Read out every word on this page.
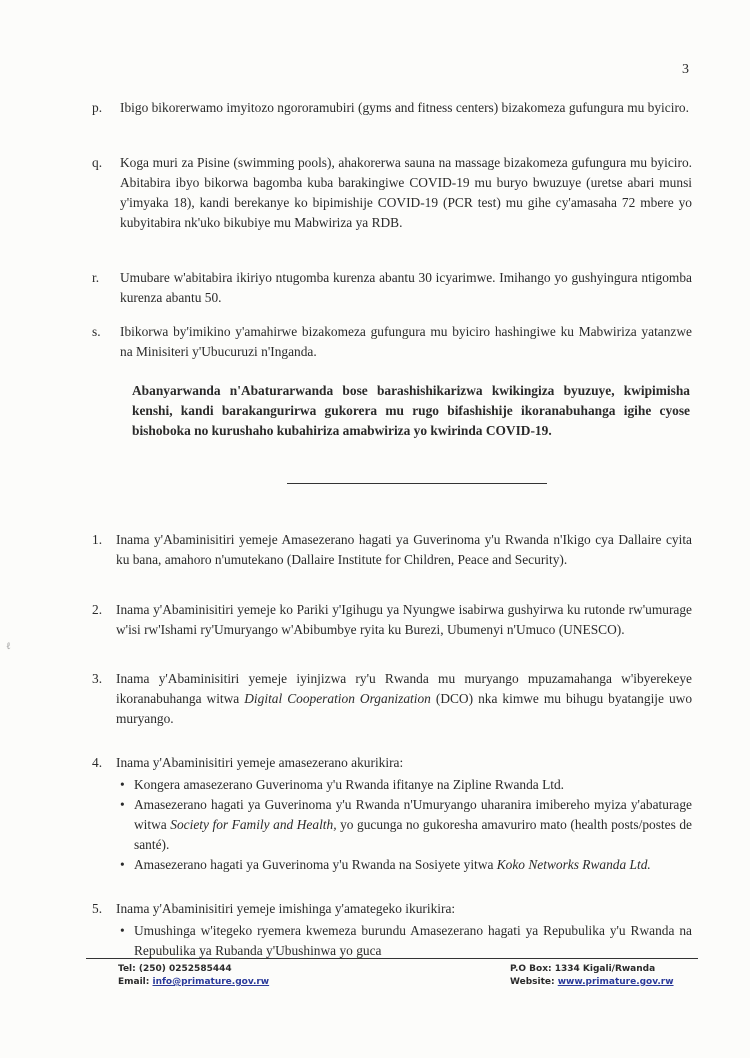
3
p. Ibigo bikorerwamo imyitozo ngororamubiri (gyms and fitness centers) bizakomeza gufungura mu byiciro.
q. Koga muri za Pisine (swimming pools), ahakorerwa sauna na massage bizakomeza gufungura mu byiciro. Abitabira ibyo bikorwa bagomba kuba barakingiwe COVID-19 mu buryo bwuzuye (uretse abari munsi y'imyaka 18), kandi berekanye ko bipimishije COVID-19 (PCR test) mu gihe cy'amasaha 72 mbere yo kubyitabira nk'uko bikubiye mu Mabwiriza ya RDB.
r. Umubare w'abitabira ikiriyo ntugomba kurenza abantu 30 icyarimwe. Imihango yo gushyingura ntigomba kurenza abantu 50.
s. Ibikorwa by'imikino y'amahirwe bizakomeza gufungura mu byiciro hashingiwe ku Mabwiriza yatanzwe na Minisiteri y'Ubucuruzi n'Inganda.
Abanyarwanda n'Abaturarwanda bose barashishikarizwa kwikingiza byuzuye, kwipimisha kenshi, kandi barakangurirwa gukorera mu rugo bifashishije ikoranabuhanga igihe cyose bishoboka no kurushaho kubahiriza amabwiriza yo kwirinda COVID-19.
1. Inama y'Abaminisitiri yemeje Amasezerano hagati ya Guverinoma y'u Rwanda n'Ikigo cya Dallaire cyita ku bana, amahoro n'umutekano (Dallaire Institute for Children, Peace and Security).
2. Inama y'Abaminisitiri yemeje ko Pariki y'Igihugu ya Nyungwe isabirwa gushyirwa ku rutonde rw'umurage w'isi rw'Ishami ry'Umuryango w'Abibumbye ryita ku Burezi, Ubumenyi n'Umuco (UNESCO).
3. Inama y'Abaminisitiri yemeje iyinjizwa ry'u Rwanda mu muryango mpuzamahanga w'ibyerekeye ikoranabuhanga witwa Digital Cooperation Organization (DCO) nka kimwe mu bihugu byatangije uwo muryango.
4. Inama y'Abaminisitiri yemeje amasezerano akurikira:
• Kongera amasezerano Guverinoma y'u Rwanda ifitanye na Zipline Rwanda Ltd.
• Amasezerano hagati ya Guverinoma y'u Rwanda n'Umuryango uharanira imibereho myiza y'abaturage witwa Society for Family and Health, yo gucunga no gukoresha amavuriro mato (health posts/postes de santé).
• Amasezerano hagati ya Guverinoma y'u Rwanda na Sosiyete yitwa Koko Networks Rwanda Ltd.
5. Inama y'Abaminisitiri yemeje imishinga y'amategeko ikurikira:
• Umushinga w'itegeko ryemera kwemeza burundu Amasezerano hagati ya Repubulika y'u Rwanda na Repubulika ya Rubanda y'Ubushinwa yo guca
Tel: (250) 0252585444
Email: info@primature.gov.rw
P.O Box: 1334 Kigali/Rwanda
Website: www.primature.gov.rw
ℓ
